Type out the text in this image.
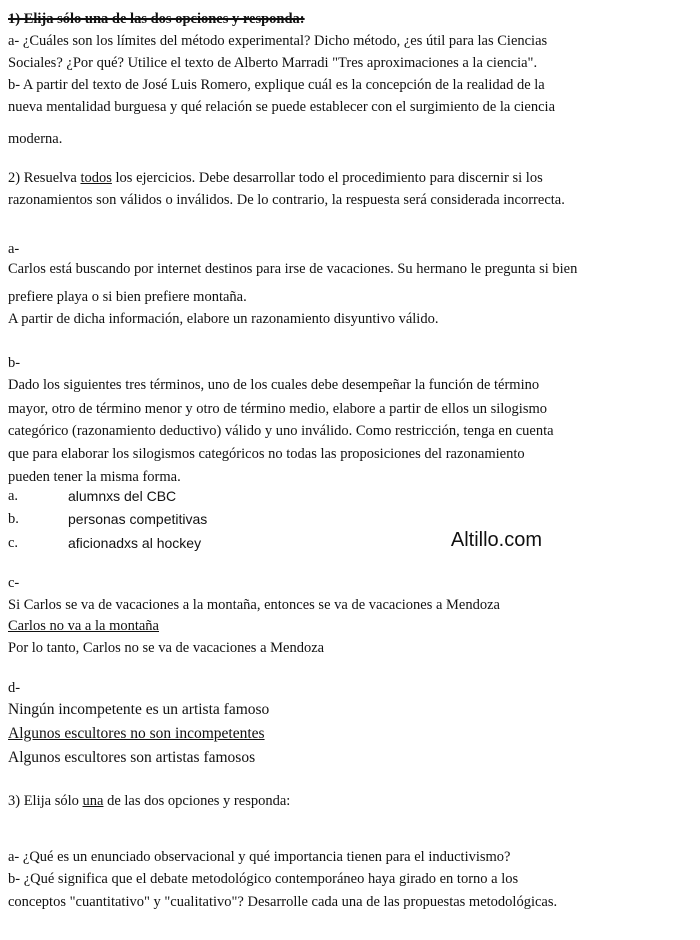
1) Elija sólo una de las dos opciones y responda:
a- ¿Cuáles son los límites del método experimental? Dicho método, ¿es útil para las Ciencias
Sociales? ¿Por qué? Utilice el texto de Alberto Marradi "Tres aproximaciones a la ciencia".
b- A partir del texto de José Luis Romero, explique cuál es la concepción de la realidad de la
nueva mentalidad burguesa y qué relación se puede establecer con el surgimiento de la ciencia
moderna.
2) Resuelva todos los ejercicios. Debe desarrollar todo el procedimiento para discernir si los
razonamientos son válidos o inválidos. De lo contrario, la respuesta será considerada incorrecta.
a-
Carlos está buscando por internet destinos para irse de vacaciones. Su hermano le pregunta si bien
prefiere playa o si bien prefiere montaña.
A partir de dicha información, elabore un razonamiento disyuntivo válido.
b-
Dado los siguientes tres términos, uno de los cuales debe desempeñar la función de término
mayor, otro de término menor y otro de término medio, elabore a partir de ellos un silogismo
categórico (razonamiento deductivo) válido y uno inválido. Como restricción, tenga en cuenta
que para elaborar los silogismos categóricos no todas las proposiciones del razonamiento
pueden tener la misma forma.
a.	alumnxs del CBC
b.	personas competitivas
c.	aficionadxs al hockey	Altillo.com
c-
Si Carlos se va de vacaciones a la montaña, entonces se va de vacaciones a Mendoza
Carlos no va a la montaña
Por lo tanto, Carlos no se va de vacaciones a Mendoza
d-
Ningún incompetente es un artista famoso
Algunos escultores no son incompetentes
Algunos escultores son artistas famosos
3) Elija sólo una de las dos opciones y responda:
a- ¿Qué es un enunciado observacional y qué importancia tienen para el inductivismo?
b- ¿Qué significa que el debate metodológico contemporáneo haya girado en torno a los
conceptos "cuantitativo" y "cualitativo"? Desarrolle cada una de las propuestas metodológicas.
